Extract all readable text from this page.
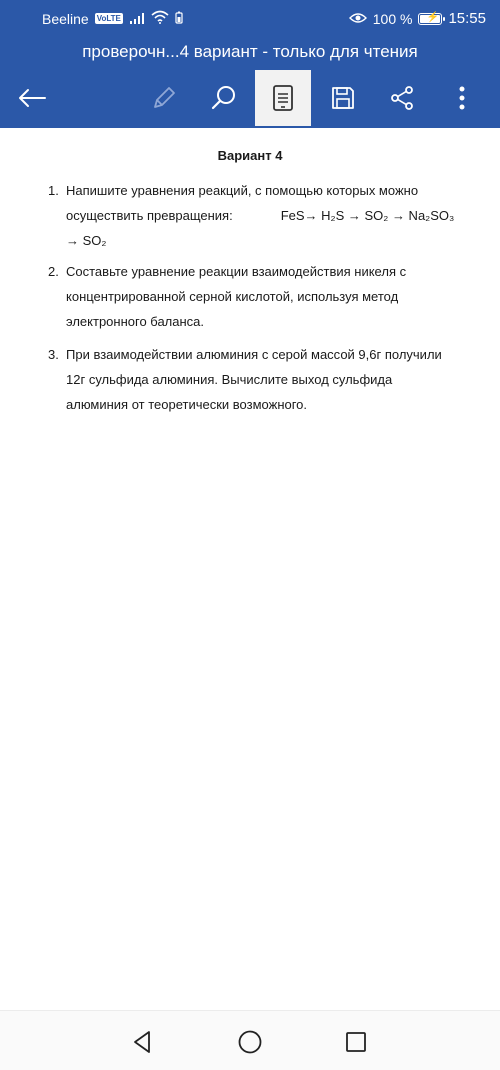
Beeline VoLTE	100 % ⚡ 15:55
проверочн...4 вариант - только для чтения
Вариант 4
1. Напишите уравнения реакций, с помощью которых можно
осуществить превращения:	FeS→ H₂S → SO₂ → Na₂SO₃
→ SO₂
2. Составьте уравнение реакции взаимодействия никеля с
концентрированной серной кислотой, используя метод
электронного баланса.
3. При взаимодействии алюминия с серой массой 9,6г получили
12г сульфида алюминия. Вычислите выход сульфида
алюминия от теоретически возможного.
